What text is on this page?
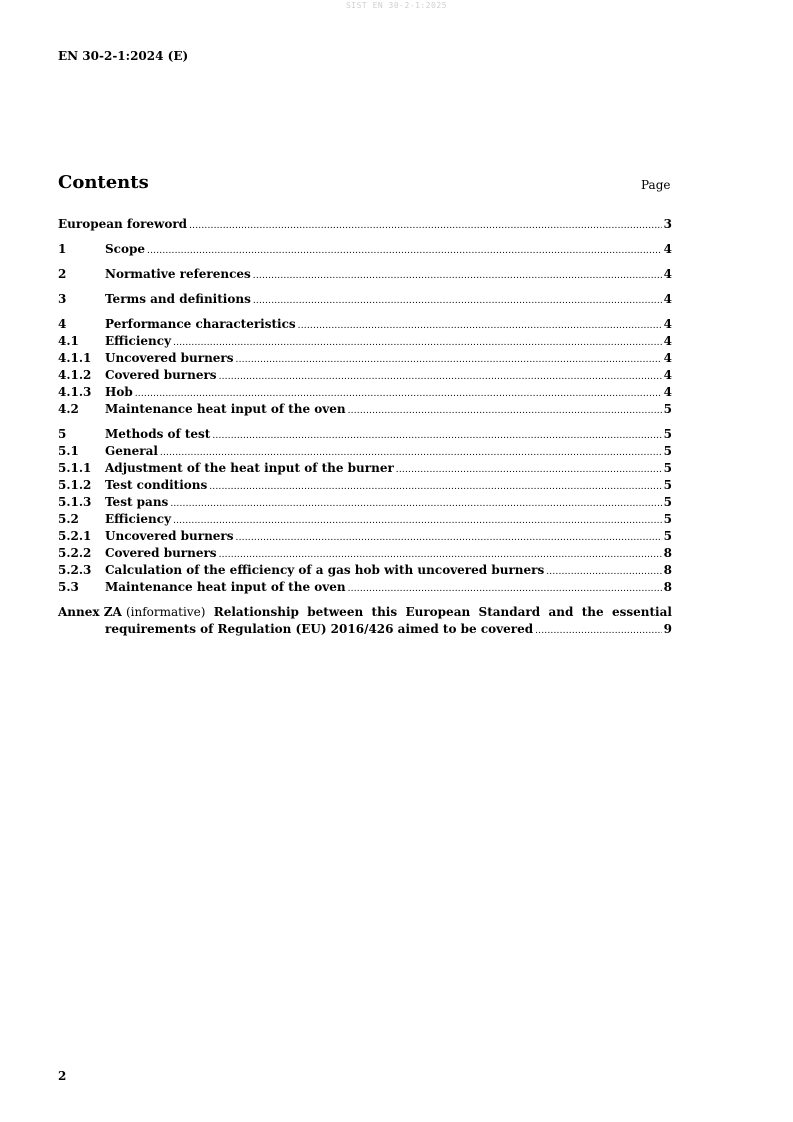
SIST EN 30-2-1:2025
EN 30-2-1:2024 (E)
Contents	Page
European foreword .....	3
1	Scope .....	4
2	Normative references .....	4
3	Terms and definitions .....	4
4	Performance characteristics .....	4
4.1	Efficiency .....	4
4.1.1	Uncovered burners .....	4
4.1.2	Covered burners .....	4
4.1.3	Hob .....	4
4.2	Maintenance heat input of the oven .....	5
5	Methods of test .....	5
5.1	General .....	5
5.1.1	Adjustment of the heat input of the burner .....	5
5.1.2	Test conditions .....	5
5.1.3	Test pans .....	5
5.2	Efficiency .....	5
5.2.1	Uncovered burners .....	5
5.2.2	Covered burners .....	8
5.2.3	Calculation of the efficiency of a gas hob with uncovered burners .....	8
5.3	Maintenance heat input of the oven .....	8
Annex ZA (informative) Relationship between this European Standard and the essential
requirements of Regulation (EU) 2016/426 aimed to be covered .....	9
2
